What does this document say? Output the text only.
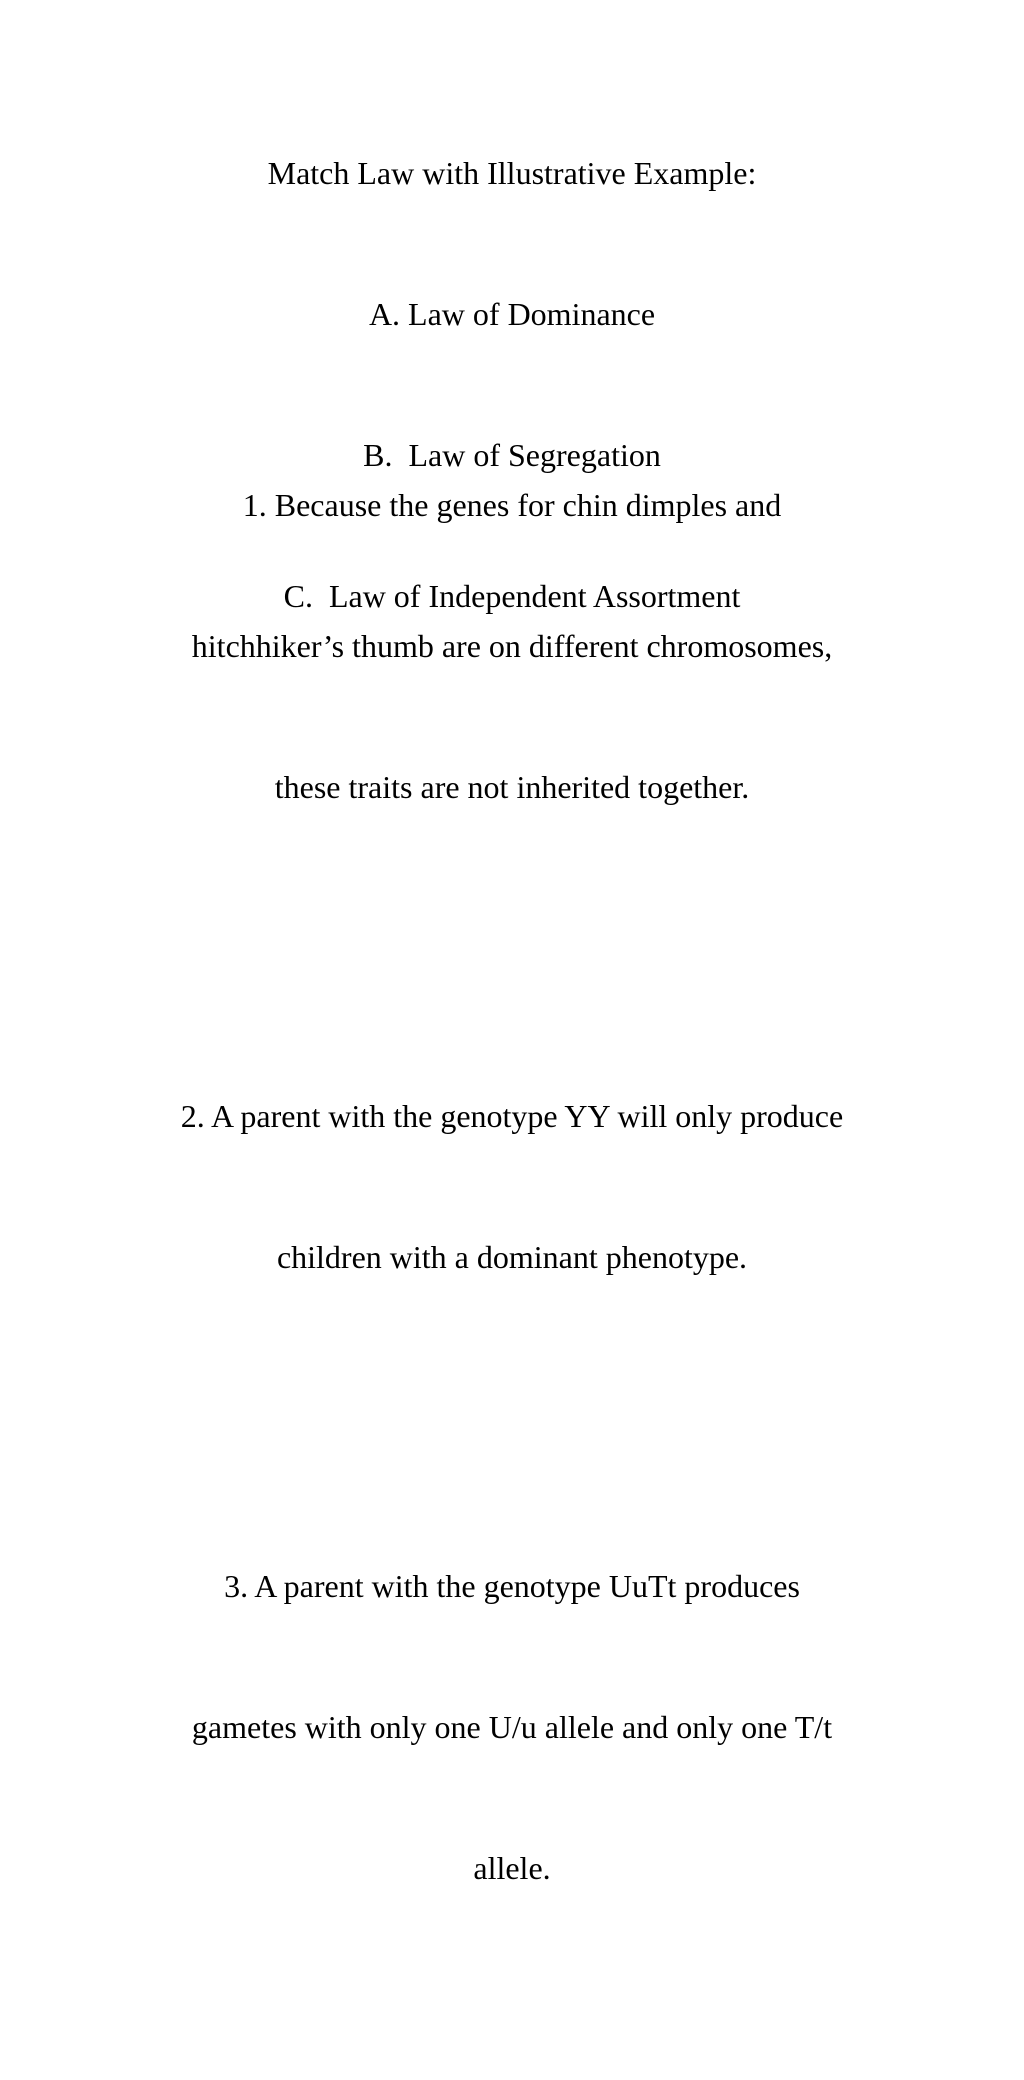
Match Law with Illustrative Example:

A. Law of Dominance

B.  Law of Segregation

C.  Law of Independent Assortment

1. Because the genes for chin dimples and

hitchhiker’s thumb are on different chromosomes,

these traits are not inherited together.

2. A parent with the genotype YY will only produce

children with a dominant phenotype.

3. A parent with the genotype UuTt produces

gametes with only one U/u allele and only one T/t

allele.
